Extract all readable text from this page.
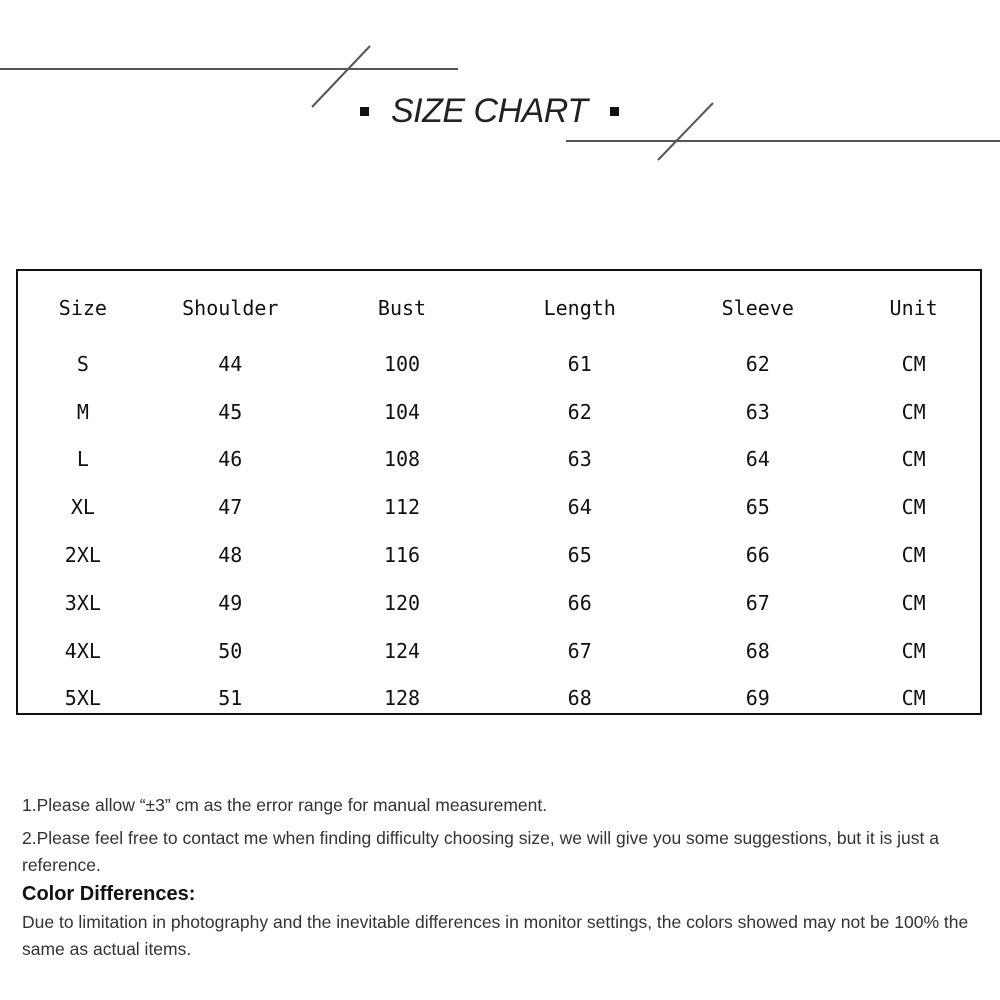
SIZE CHART
Size	Shoulder	Bust	Length	Sleeve	Unit
S	44	100	61	62	CM
M	45	104	62	63	CM
L	46	108	63	64	CM
XL	47	112	64	65	CM
2XL	48	116	65	66	CM
3XL	49	120	66	67	CM
4XL	50	124	67	68	CM
5XL	51	128	68	69	CM

1.Please allow “±3” cm as the error range for manual measurement.

2.Please feel free to contact me when finding difficulty choosing size, we will give you some suggestions, but it is just a reference.

Color Differences:

Due to limitation in photography and the inevitable differences in monitor settings, the colors showed may not be 100% the same as actual items.
